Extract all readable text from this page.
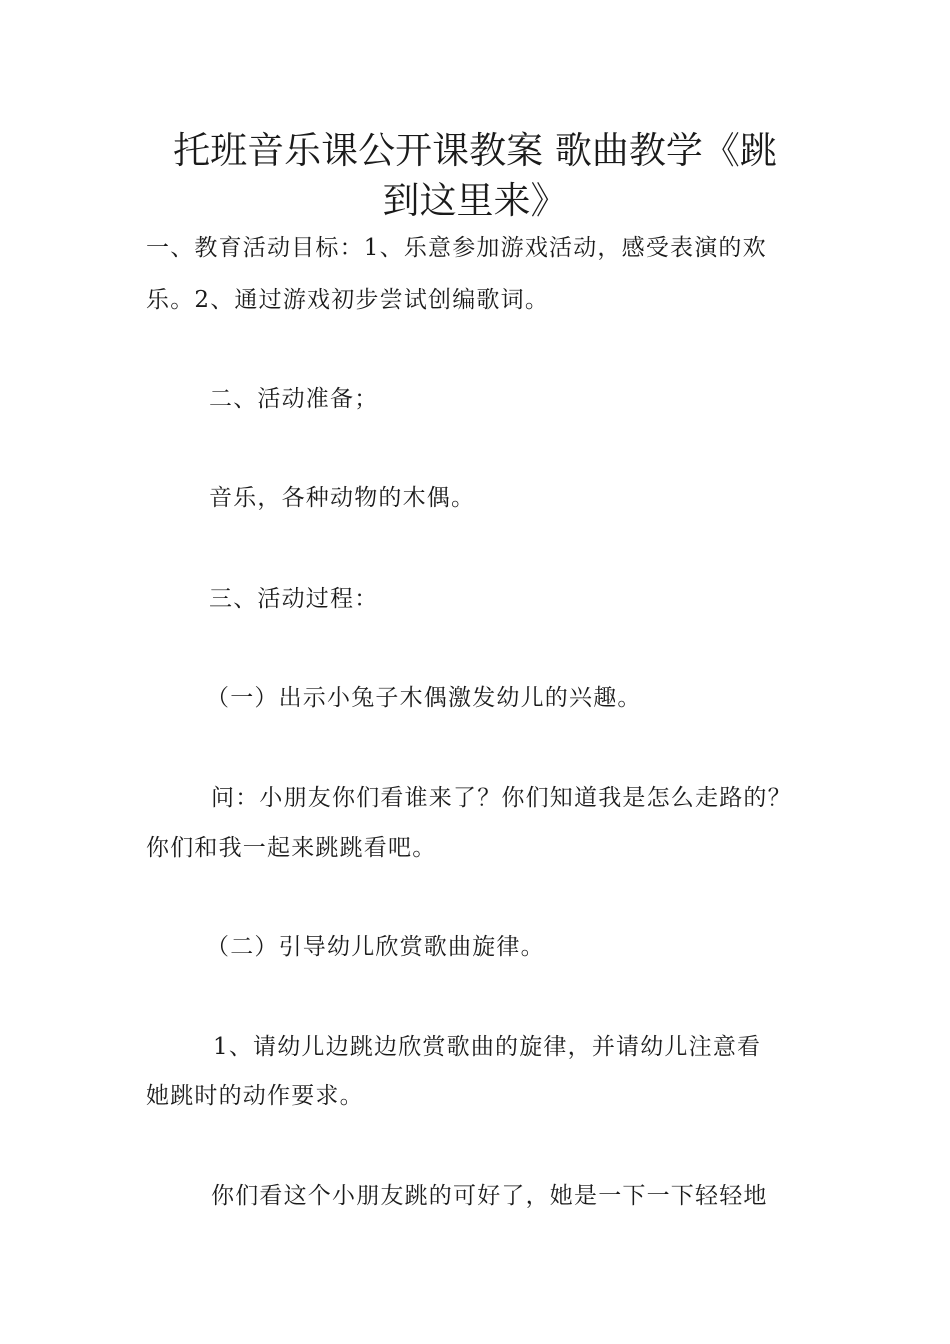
托班音乐课公开课教案 歌曲教学《跳
到这里来》

一、教育活动目标：1、乐意参加游戏活动，感受表演的欢

乐。2、通过游戏初步尝试创编歌词。

二、活动准备；

音乐，各种动物的木偶。

三、活动过程：

（一）出示小兔子木偶激发幼儿的兴趣。

问：小朋友你们看谁来了？你们知道我是怎么走路的？

你们和我一起来跳跳看吧。

（二）引导幼儿欣赏歌曲旋律。

1、请幼儿边跳边欣赏歌曲的旋律，并请幼儿注意看

她跳时的动作要求。

你们看这个小朋友跳的可好了，她是一下一下轻轻地
